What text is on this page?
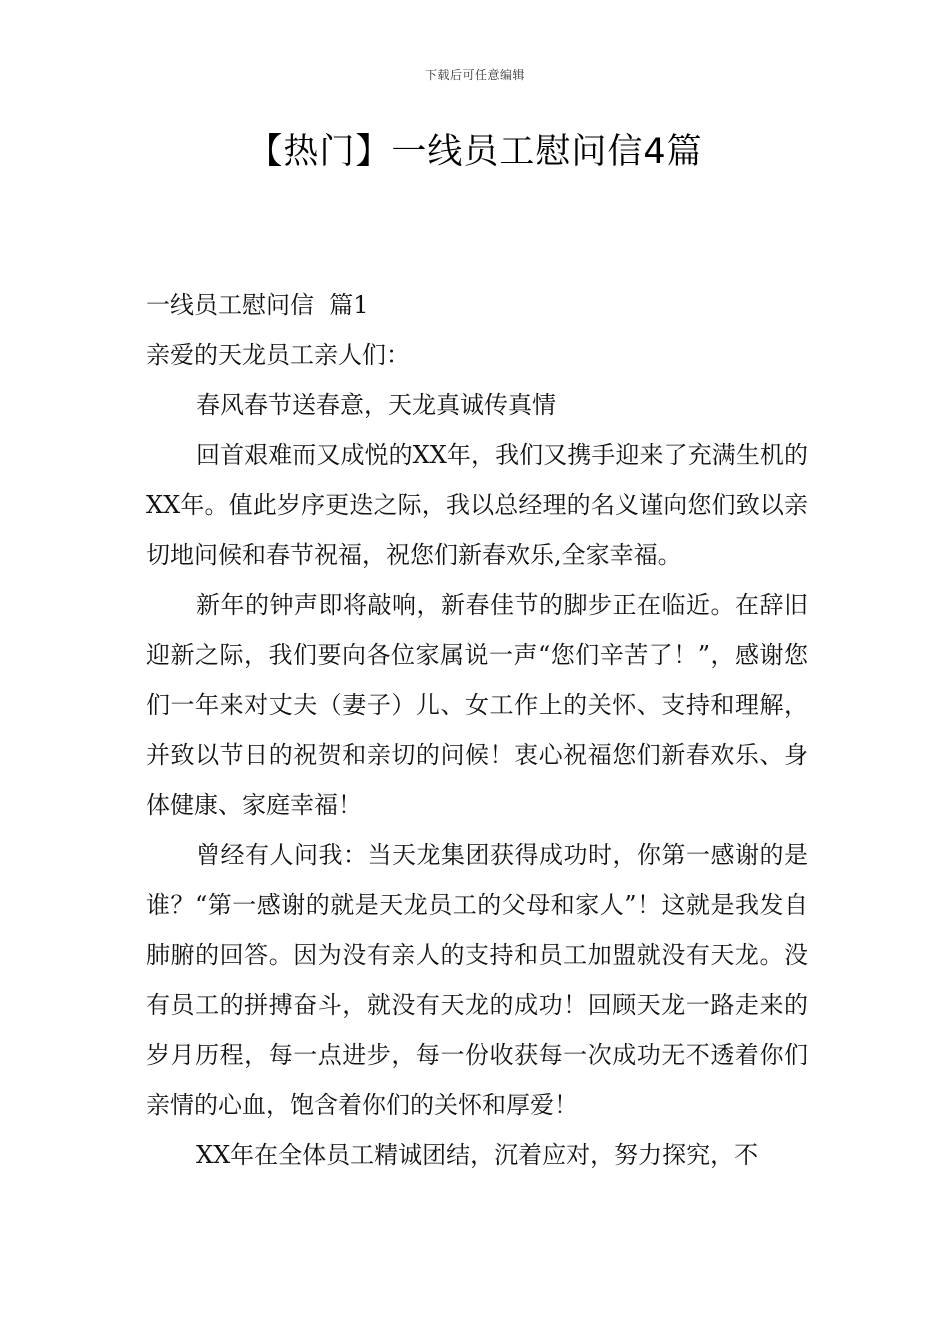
下载后可任意编辑
【热门】一线员工慰问信4篇

一线员工慰问信  篇1

亲爱的天龙员工亲人们：

春风春节送春意，天龙真诚传真情

回首艰难而又成悦的XX年，我们又携手迎来了充满生机的XX年。值此岁序更迭之际，我以总经理的名义谨向您们致以亲切地问候和春节祝福，祝您们新春欢乐,全家幸福。

新年的钟声即将敲响，新春佳节的脚步正在临近。在辞旧迎新之际，我们要向各位家属说一声“您们辛苦了！”，感谢您们一年来对丈夫（妻子）儿、女工作上的关怀、支持和理解，并致以节日的祝贺和亲切的问候！衷心祝福您们新春欢乐、身体健康、家庭幸福！

曾经有人问我：当天龙集团获得成功时，你第一感谢的是谁？“第一感谢的就是天龙员工的父母和家人”！这就是我发自肺腑的回答。因为没有亲人的支持和员工加盟就没有天龙。没有员工的拼搏奋斗，就没有天龙的成功！回顾天龙一路走来的岁月历程，每一点进步，每一份收获每一次成功无不透着你们亲情的心血，饱含着你们的关怀和厚爱！

XX年在全体员工精诚团结，沉着应对，努力探究，不
